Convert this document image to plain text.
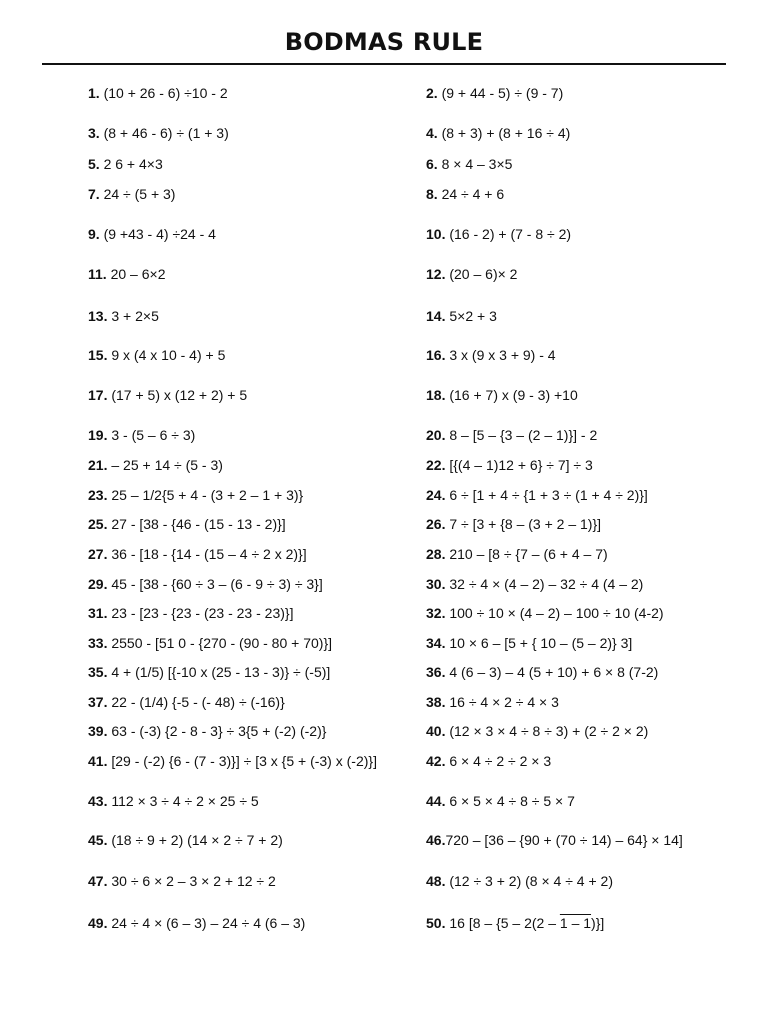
BODMAS RULE
1. (10 + 26 - 6) ÷10 - 2	2. (9 + 44 - 5) ÷ (9 - 7)
3. (8 + 46 - 6) ÷ (1 + 3)	4. (8 + 3) + (8 + 16 ÷ 4)
5. 2 6 + 4×3	6. 8 × 4 – 3×5
7. 24 ÷ (5 + 3)	8. 24 ÷ 4 + 6
9. (9 +43 - 4) ÷24 - 4	10. (16 - 2) + (7 - 8 ÷ 2)
11. 20 – 6×2	12. (20 – 6)× 2
13. 3 + 2×5	14. 5×2 + 3
15. 9 x (4 x 10 - 4) + 5	16. 3 x (9 x 3 + 9) - 4
17. (17 + 5) x (12 + 2) + 5	18. (16 + 7) x (9 - 3) +10
19. 3 - (5 – 6 ÷ 3)	20. 8 – [5 – {3 – (2 – 1)}] - 2
21. – 25 + 14 ÷ (5 - 3)	22. [{(4 – 1)12 + 6} ÷ 7] ÷ 3
23. 25 – 1/2{5 + 4 - (3 + 2 – 1 + 3)}	24. 6 ÷ [1 + 4 ÷ {1 + 3 ÷ (1 + 4 ÷ 2)}]
25. 27 - [38 - {46 - (15 - 13 - 2)}]	26. 7 ÷ [3 + {8 – (3 + 2 – 1)}]
27. 36 - [18 - {14 - (15 – 4 ÷ 2 x 2)}]	28. 210 – [8 ÷ {7 – (6 + 4 – 7)
29. 45 - [38 - {60 ÷ 3 – (6 - 9 ÷ 3) ÷ 3}]	30. 32 ÷ 4 × (4 – 2) – 32 ÷ 4 (4 – 2)
31. 23 - [23 - {23 - (23 - 23 - 23)}]	32. 100 ÷ 10 × (4 – 2) – 100 ÷ 10 (4-2)
33. 2550 - [51 0 - {270 - (90 - 80 + 70)}]	34. 10 × 6 – [5 + { 10 – (5 – 2)} 3]
35. 4 + (1/5) [{-10 x (25 - 13 - 3)} ÷ (-5)]	36. 4 (6 – 3) – 4 (5 + 10) + 6 × 8 (7-2)
37. 22 - (1/4) {-5 - (- 48) ÷ (-16)}	38. 16 ÷ 4 × 2 ÷ 4 × 3
39. 63 - (-3) {2 - 8 - 3} ÷ 3{5 + (-2) (-2)}	40. (12 × 3 × 4 ÷ 8 ÷ 3) + (2 ÷ 2 × 2)
41. [29 - (-2) {6 - (7 - 3)}] ÷ [3 x {5 + (-3) x (-2)}]	42. 6 × 4 ÷ 2 ÷ 2 × 3
43. 112 × 3 ÷ 4 ÷ 2 × 25 ÷ 5	44. 6 × 5 × 4 ÷ 8 ÷ 5 × 7
45. (18 ÷ 9 + 2) (14 × 2 ÷ 7 + 2)	46.720 – [36 – {90 + (70 ÷ 14) – 64} × 14]
47. 30 ÷ 6 × 2 – 3 × 2 + 12 ÷ 2	48. (12 ÷ 3 + 2) (8 × 4 ÷ 4 + 2)
49. 24 ÷ 4 × (6 – 3) – 24 ÷ 4 (6 – 3)	50. 16 [8 – {5 – 2(2 – 1 – 1)}]
